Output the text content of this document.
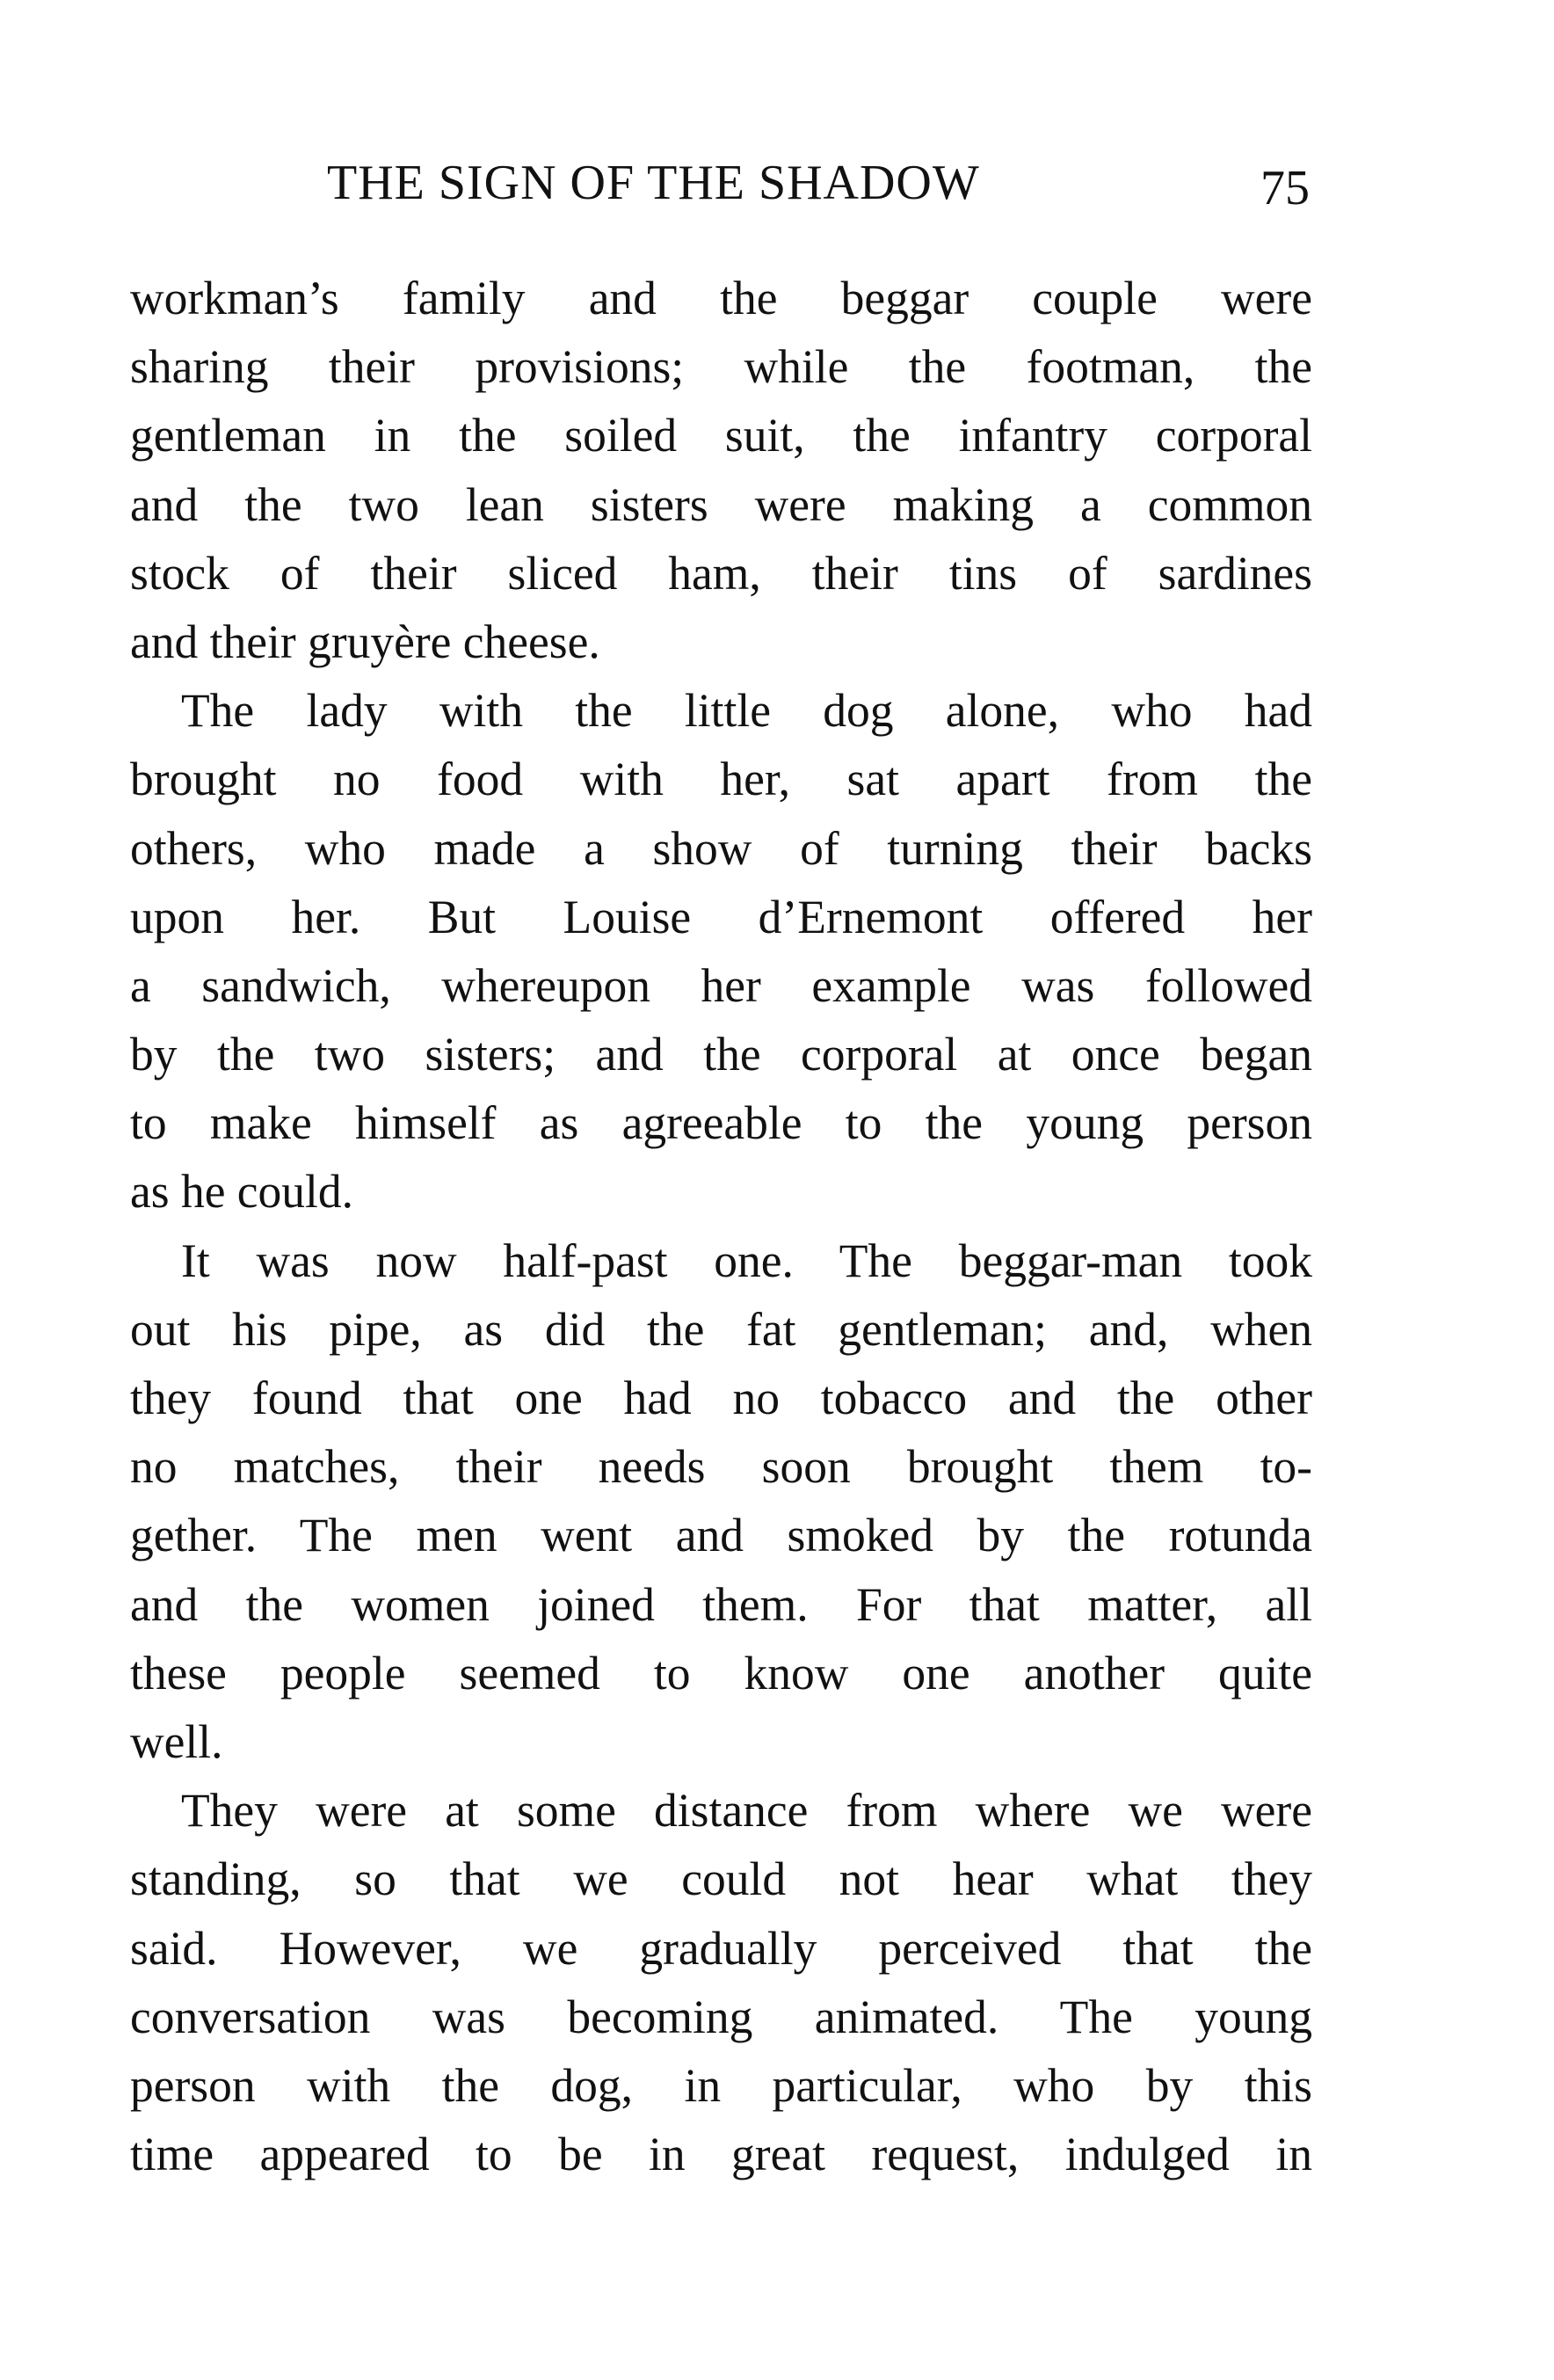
THE SIGN OF THE SHADOW	75
workman’s family and the beggar couple were
sharing their provisions; while the footman, the
gentleman in the soiled suit, the infantry corporal
and the two lean sisters were making a common
stock of their sliced ham, their tins of sardines
and their gruyère cheese.
The lady with the little dog alone, who had
brought no food with her, sat apart from the
others, who made a show of turning their backs
upon her. But Louise d’Ernemont offered her
a sandwich, whereupon her example was followed
by the two sisters; and the corporal at once began
to make himself as agreeable to the young person
as he could.
It was now half-past one. The beggar-man took
out his pipe, as did the fat gentleman; and, when
they found that one had no tobacco and the other
no matches, their needs soon brought them to-
gether. The men went and smoked by the rotunda
and the women joined them. For that matter, all
these people seemed to know one another quite
well.
They were at some distance from where we were
standing, so that we could not hear what they
said. However, we gradually perceived that the
conversation was becoming animated. The young
person with the dog, in particular, who by this
time appeared to be in great request, indulged in
